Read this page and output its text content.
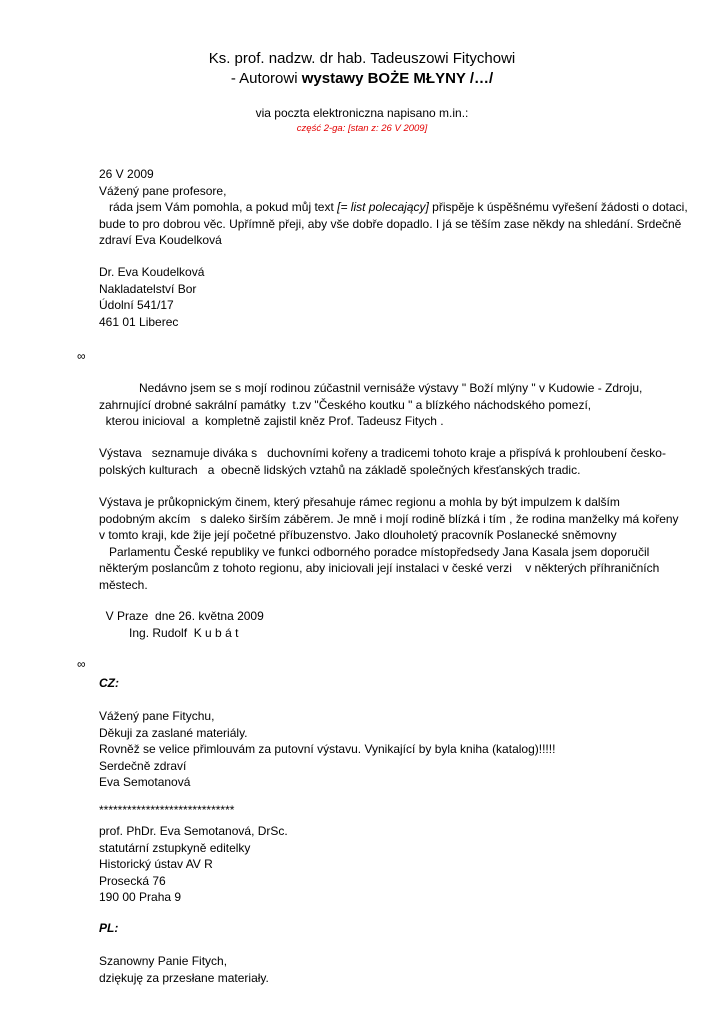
Ks. prof. nadzw. dr hab. Tadeuszowi Fitychowi
- Autorowi wystawy BOŻE MŁYNY /…/
via poczta elektroniczna napisano m.in.:
część 2-ga: [stan z: 26 V 2009]
26 V 2009
Vážený pane profesore,
ráda jsem Vám pomohla, a pokud můj text [= list polecający] přispěje k úspěšnému vyřešení žádosti o dotaci,
bude to pro dobrou věc. Upřímně přeji, aby vše dobře dopadlo. I já se těším zase někdy na shledání. Srdečně
zdraví Eva Koudelková
Dr. Eva Koudelková
Nakladatelství Bor
Údolní 541/17
461 01 Liberec
∞
Nedávno jsem se s mojí rodinou zúčastnil vernisáže výstavy " Boží mlýny " v Kudowie - Zdroju,
zahrnující drobné sakrální památky  t.zv "Českého koutku " a blízkého náchodského pomezí,
kterou inicioval  a  kompletně zajistil kněz Prof. Tadeusz Fitych .
Výstava   seznamuje diváka s   duchovními kořeny a tradicemi tohoto kraje a přispívá k prohloubení česko-
polských kulturach   a  obecně lidských vztahů na základě společných křesťanských tradic.
Výstava je průkopnickým činem, který přesahuje rámec regionu a mohla by být impulzem k dalším
podobným akcím   s daleko širším záběrem. Je mně i mojí rodině blízká i tím , že rodina manželky má kořeny
v tomto kraji, kde žije její početné příbuzenstvo. Jako dlouholetý pracovník Poslanecké sněmovny
Parlamentu České republiky ve funkci odborného poradce místopředsedy Jana Kasala jsem doporučil
některým poslancům z tohoto regionu, aby iniciovali její instalaci v české verzi    v některých příhraničních
městech.
V Praze  dne 26. května 2009
Ing. Rudolf  K u b á t
∞
CZ:
Vážený pane Fitychu,
Děkuji za zaslané materiály.
Rovněž se velice přimlouvám za putovní výstavu. Vynikající by byla kniha (katalog)!!!!!
Serdečně zdraví
Eva Semotanová
*****************************
prof. PhDr. Eva Semotanová, DrSc.
statutární zstupkyně editelky
Historický ústav AV R
Prosecká 76
190 00 Praha 9
PL:
Szanowny Panie Fitych,
dziękuję za przesłane materiały.
